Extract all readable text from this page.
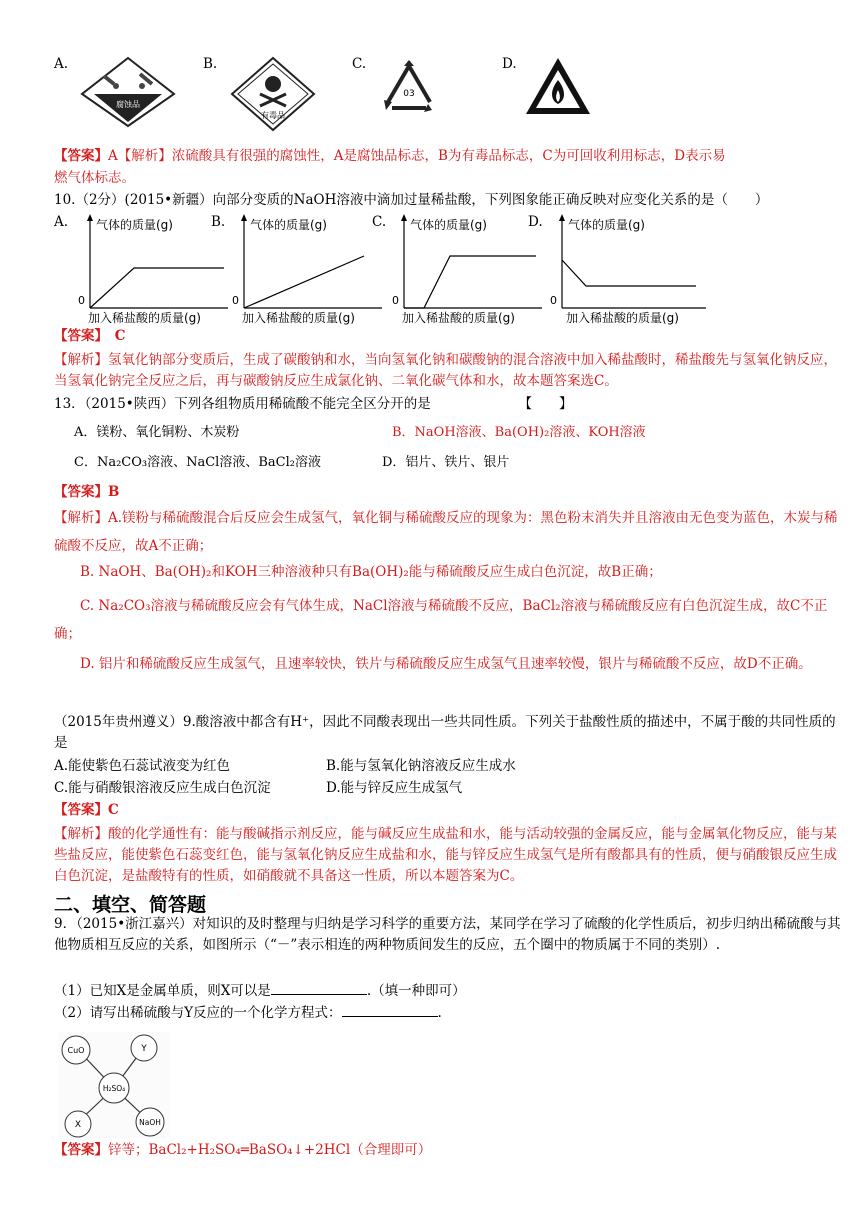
A.	B.	C.	D.
腐蚀品
有毒品
03
【答案】A【解析】浓硫酸具有很强的腐蚀性，A是腐蚀品标志，B为有毒品标志，C为可回收利用标志，D表示易
燃气体标志。
10.（2分）(2015•新疆）向部分变质的NaOH溶液中滴加过量稀盐酸，下列图象能正确反映对应变化关系的是（　　）
A.	B.	C.	D.
气体的质量(g)
0
加入稀盐酸的质量(g)
气体的质量(g)
0
加入稀盐酸的质量(g)
气体的质量(g)
0
加入稀盐酸的质量(g)
气体的质量(g)
0
加入稀盐酸的质量(g)
【答案】　C
【解析】氢氧化钠部分变质后，生成了碳酸钠和水，当向氢氧化钠和碳酸钠的混合溶液中加入稀盐酸时，稀盐酸先与氢氧化钠反应，当氢氧化钠完全反应之后，再与碳酸钠反应生成氯化钠、二氧化碳气体和水，故本题答案选C。
13．（2015•陕西）下列各组物质用稀硫酸不能完全区分开的是　　　　　　　【　　】
A．镁粉、氧化铜粉、木炭粉	B．NaOH溶液、Ba(OH)₂溶液、KOH溶液
C．Na₂CO₃溶液、NaCl溶液、BaCl₂溶液	D．铝片、铁片、银片
【答案】B
【解析】A.镁粉与稀硫酸混合后反应会生成氢气，氧化铜与稀硫酸反应的现象为：黑色粉末消失并且溶液由无色变为蓝色，木炭与稀硫酸不反应，故A不正确；
B. NaOH、Ba(OH)₂和KOH三种溶液种只有Ba(OH)₂能与稀硫酸反应生成白色沉淀，故B正确；
C. Na₂CO₃溶液与稀硫酸反应会有气体生成，NaCl溶液与稀硫酸不反应，BaCl₂溶液与稀硫酸反应有白色沉淀生成，故C不正确；
D. 铝片和稀硫酸反应生成氢气，且速率较快，铁片与稀硫酸反应生成氢气且速率较慢，银片与稀硫酸不反应，故D不正确。
（2015年贵州遵义）9.酸溶液中都含有H⁺，因此不同酸表现出一些共同性质。下列关于盐酸性质的描述中，不属于酸的共同性质的是
A.能使紫色石蕊试液变为红色	B.能与氢氧化钠溶液反应生成水
C.能与硝酸银溶液反应生成白色沉淀	D.能与锌反应生成氢气
【答案】C
【解析】酸的化学通性有：能与酸碱指示剂反应，能与碱反应生成盐和水，能与活动较强的金属反应，能与金属氧化物反应，能与某些盐反应，能使紫色石蕊变红色，能与氢氧化钠反应生成盐和水，能与锌反应生成氢气是所有酸都具有的性质，便与硝酸银反应生成白色沉淀，是盐酸特有的性质，如硝酸就不具备这一性质，所以本题答案为C。
二、填空、简答题
9．（2015•浙江嘉兴）对知识的及时整理与归纳是学习科学的重要方法，某同学在学习了硫酸的化学性质后，初步归纳出稀硫酸与其他物质相互反应的关系，如图所示（“－”表示相连的两种物质间发生的反应，五个圈中的物质属于不同的类别）.
（1）已知X是金属单质，则X可以是	.（填一种即可）
（2）请写出稀硫酸与Y反应的一个化学方程式：	.
CuO	Y
H₂SO₄
X	NaOH
【答案】锌等；BaCl₂+H₂SO₄═BaSO₄↓+2HCl（合理即可）
